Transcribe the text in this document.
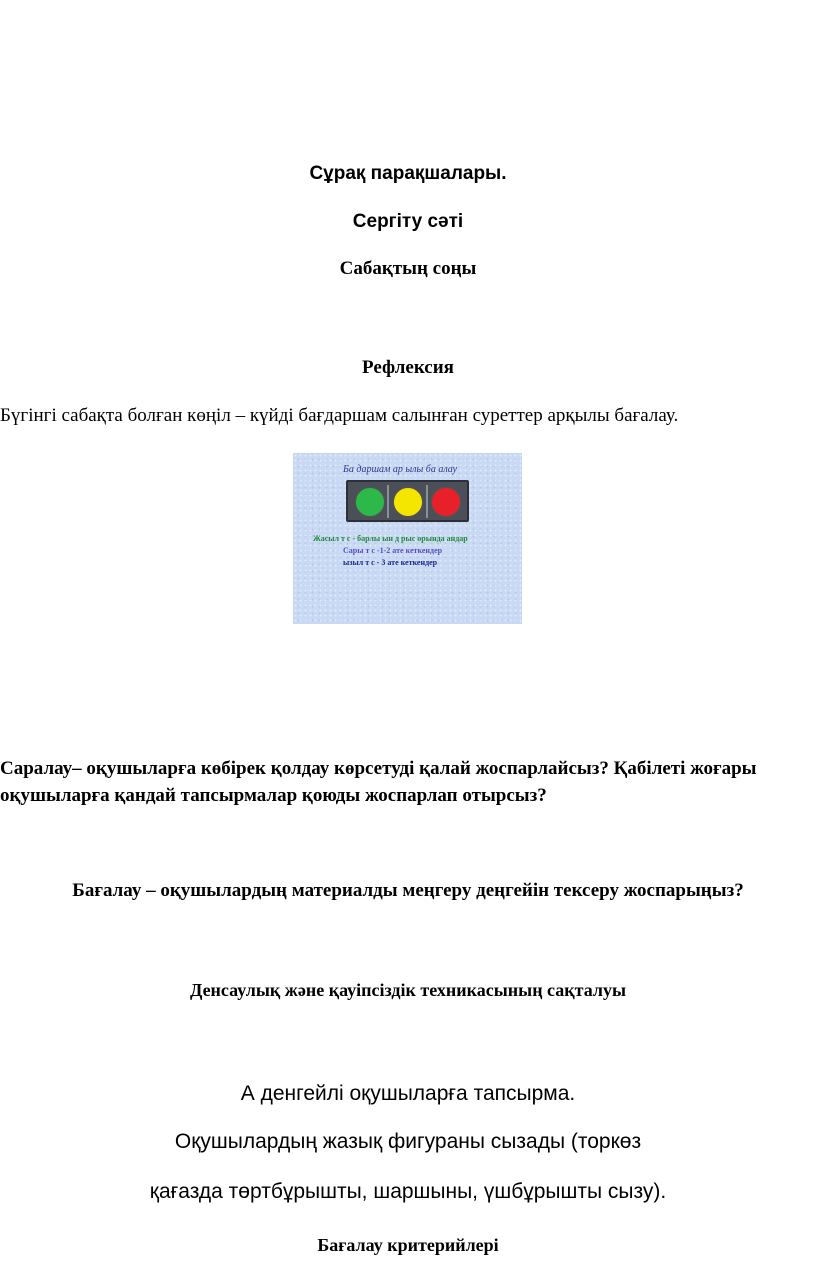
Сұрақ парақшалары.

Сергіту сәті

Сабақтың соңы

Рефлексия

Бүгінгі сабақта болған көңіл – күйді бағдаршам салынған суреттер арқылы бағалау.

Ба даршам ар ылы ба алау
Жасыл т с - барлы ын д рыс орында андар
Сары т с -1-2 ате кеткендер
ызыл т с - 3 ате кеткендер

Саралау– оқушыларға көбірек қолдау көрсетуді қалай жоспарлайсыз? Қабілеті жоғары оқушыларға қандай тапсырмалар қоюды жоспарлап отырсыз?

Бағалау – оқушылардың материалды меңгеру деңгейін тексеру жоспарыңыз?

Денсаулық және қауіпсіздік техникасының сақталуы

А денгейлі оқушыларға тапсырма.

Оқушылардың жазық фигураны сызады (торкөз

қағазда төртбұрышты, шаршыны, үшбұрышты сызу).

Бағалау критерийлері
